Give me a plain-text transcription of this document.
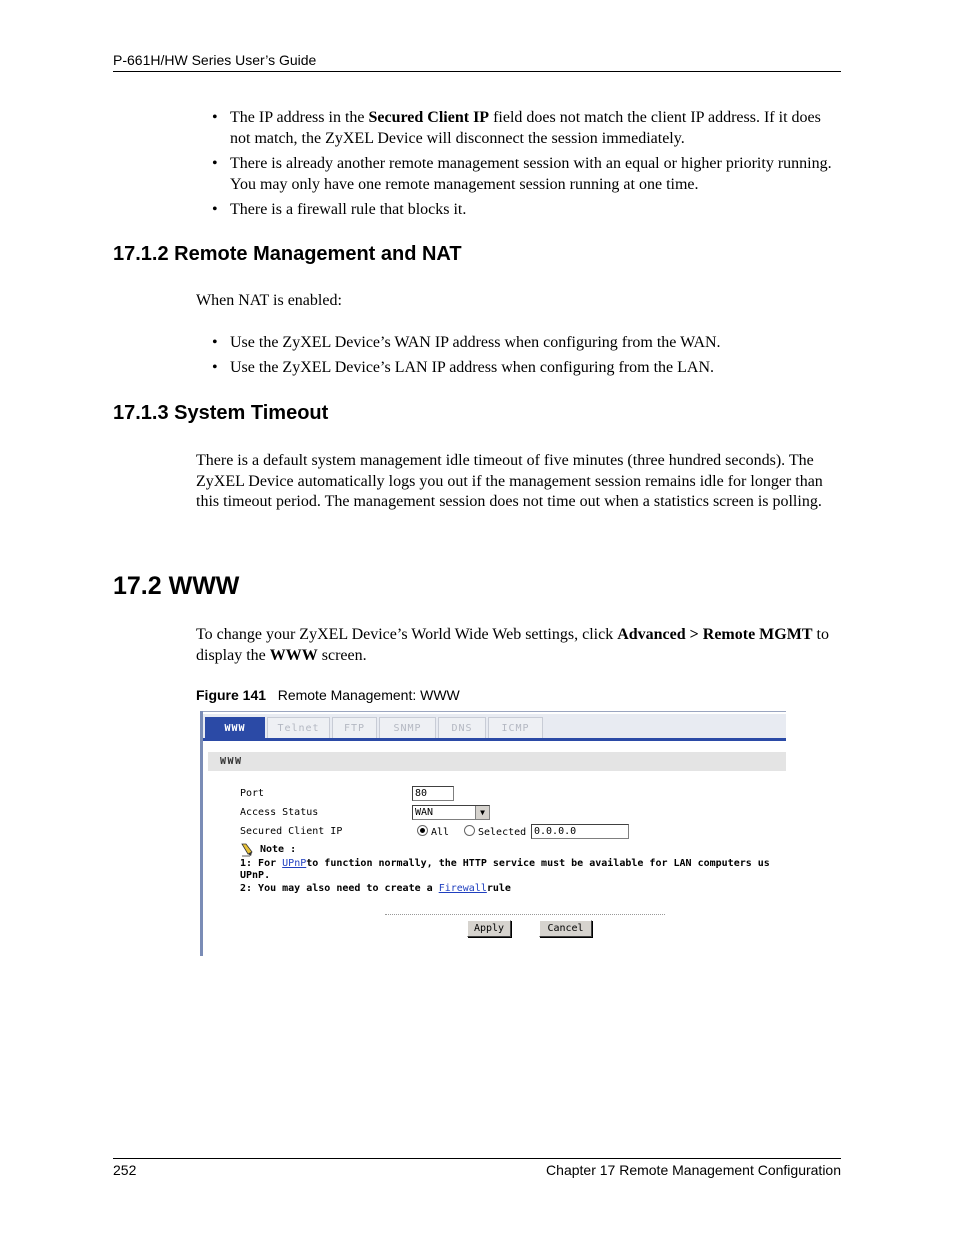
P-661H/HW Series User’s Guide
• The IP address in the Secured Client IP field does not match the client IP address. If it does not match, the ZyXEL Device will disconnect the session immediately.
• There is already another remote management session with an equal or higher priority running. You may only have one remote management session running at one time.
• There is a firewall rule that blocks it.
17.1.2 Remote Management and NAT

When NAT is enabled:

• Use the ZyXEL Device’s WAN IP address when configuring from the WAN.
• Use the ZyXEL Device’s LAN IP address when configuring from the LAN.
17.1.3 System Timeout

There is a default system management idle timeout of five minutes (three hundred seconds). The ZyXEL Device automatically logs you out if the management session remains idle for longer than this timeout period. The management session does not time out when a statistics screen is polling.

17.2 WWW

To change your ZyXEL Device’s World Wide Web settings, click Advanced > Remote MGMT to display the WWW screen.

Figure 141 Remote Management: WWW
WWW	Telnet	FTP	SNMP	DNS	ICMP
WWW
Port	80
Access Status	WAN	▼
Secured Client IP	All	Selected 0.0.0.0
Note :
1: For UPnPto function normally, the HTTP service must be available for LAN computers us
UPnP.
2: You may also need to create a Firewallrule
Apply	Cancel
252	Chapter 17 Remote Management Configuration
